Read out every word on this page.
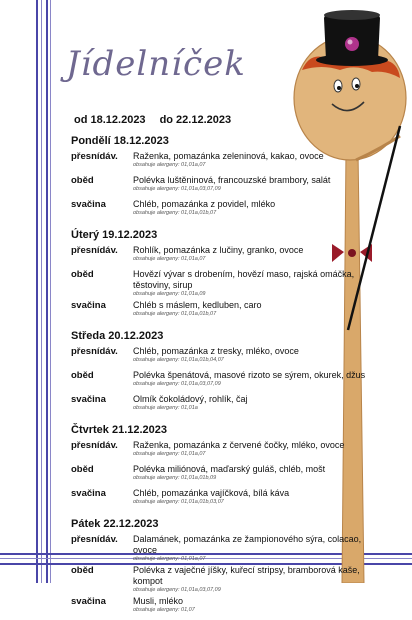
Jídelníček
od 18.12.2023 do 22.12.2023
Pondělí 18.12.2023
přesnídáv. Raženka, pomazánka zeleninová, kakao, ovoce
obsahuje alergeny: 01,01a,07
oběd	Polévka luštěninová, francouzské brambory, salát
obsahuje alergeny: 01,01a,03,07,09
svačina	Chléb, pomazánka z povidel, mléko
obsahuje alergeny: 01,01a,01b,07
Úterý 19.12.2023
přesnídáv. Rohlík, pomazánka z lučiny, granko, ovoce
obsahuje alergeny: 01,01a,07
oběd	Hovězí vývar s drobením, hovězí maso, rajská omáčka, těstoviny, sirup
obsahuje alergeny: 01,01a,09
svačina	Chléb s máslem, kedluben, caro
obsahuje alergeny: 01,01a,01b,07
Středa 20.12.2023
přesnídáv. Chléb, pomazánka z tresky, mléko, ovoce
obsahuje alergeny: 01,01a,01b,04,07
oběd	Polévka špenátová, masové rizoto se sýrem, okurek, džus
obsahuje alergeny: 01,01a,03,07,09
svačina	Olmík čokoládový, rohlík, čaj
obsahuje alergeny: 01,01a
Čtvrtek 21.12.2023
přesnídáv. Raženka, pomazánka z červené čočky, mléko, ovoce
obsahuje alergeny: 01,01a,07
oběd	Polévka miliónová, maďarský guláš, chléb, mošt
obsahuje alergeny: 01,01a,01b,09
svačina	Chléb, pomazánka vajíčková, bílá káva
obsahuje alergeny: 01,01a,01b,03,07
Pátek 22.12.2023
přesnídáv. Dalamánek, pomazánka ze žampionového sýra, colacao, ovoce
obsahuje alergeny: 01,01a,07
oběd	Polévka z vaječné jíšky, kuřecí stripsy, bramborová kaše, kompot
obsahuje alergeny: 01,01a,03,07,09
svačina	Musli, mléko
obsahuje alergeny: 01,07
